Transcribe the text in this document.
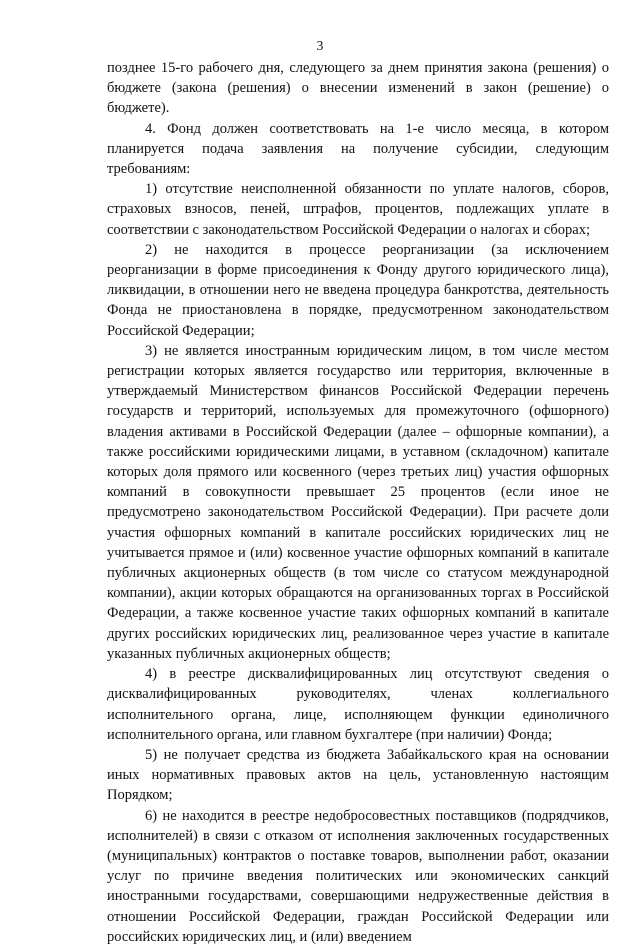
3

позднее 15-го рабочего дня, следующего за днем принятия закона (решения) о бюджете (закона (решения) о внесении изменений в закон (решение) о бюджете).

4. Фонд должен соответствовать на 1-е число месяца, в котором планируется подача заявления на получение субсидии, следующим требованиям:

1) отсутствие неисполненной обязанности по уплате налогов, сборов, страховых взносов, пеней, штрафов, процентов, подлежащих уплате в соответствии с законодательством Российской Федерации о налогах и сборах;

2) не находится в процессе реорганизации (за исключением реорганизации в форме присоединения к Фонду другого юридического лица), ликвидации, в отношении него не введена процедура банкротства, деятельность Фонда не приостановлена в порядке, предусмотренном законодательством Российской Федерации;

3) не является иностранным юридическим лицом, в том числе местом регистрации которых является государство или территория, включенные в утверждаемый Министерством финансов Российской Федерации перечень государств и территорий, используемых для промежуточного (офшорного) владения активами в Российской Федерации (далее – офшорные компании), а также российскими юридическими лицами, в уставном (складочном) капитале которых доля прямого или косвенного (через третьих лиц) участия офшорных компаний в совокупности превышает 25 процентов (если иное не предусмотрено законодательством Российской Федерации). При расчете доли участия офшорных компаний в капитале российских юридических лиц не учитывается прямое и (или) косвенное участие офшорных компаний в капитале публичных акционерных обществ (в том числе со статусом международной компании), акции которых обращаются на организованных торгах в Российской Федерации, а также косвенное участие таких офшорных компаний в капитале других российских юридических лиц, реализованное через участие в капитале указанных публичных акционерных обществ;

4) в реестре дисквалифицированных лиц отсутствуют сведения о дисквалифицированных руководителях, членах коллегиального исполнительного органа, лице, исполняющем функции единоличного исполнительного органа, или главном бухгалтере (при наличии) Фонда;

5) не получает средства из бюджета Забайкальского края на основании иных нормативных правовых актов на цель, установленную настоящим Порядком;

6) не находится в реестре недобросовестных поставщиков (подрядчиков, исполнителей) в связи с отказом от исполнения заключенных государственных (муниципальных) контрактов о поставке товаров, выполнении работ, оказании услуг по причине введения политических или экономических санкций иностранными государствами, совершающими недружественные действия в отношении Российской Федерации, граждан Российской Федерации или российских юридических лиц, и (или) введением
